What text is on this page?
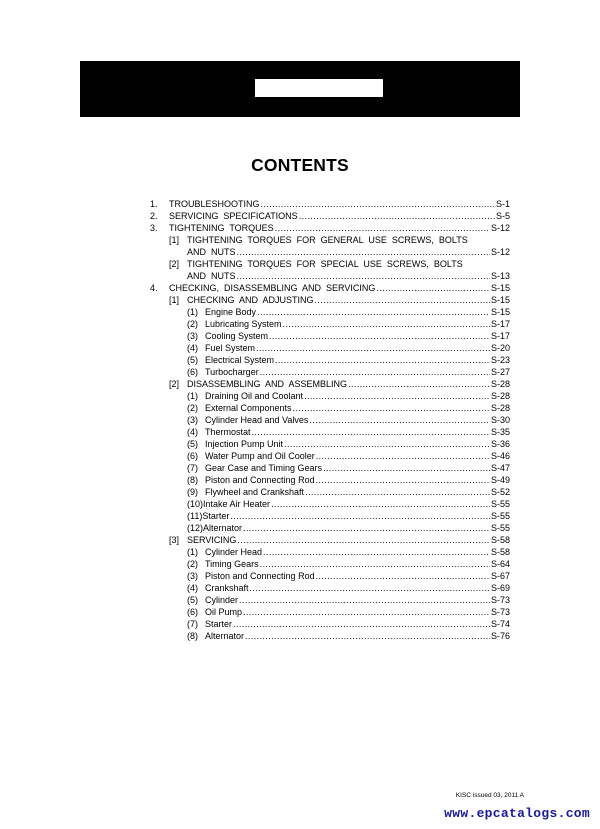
CONTENTS
1.	TROUBLESHOOTING .....	S-1
2.	SERVICING  SPECIFICATIONS .....	S-5
3.	TIGHTENING  TORQUES .....	S-12
[1] TIGHTENING  TORQUES  FOR  GENERAL  USE  SCREWS,  BOLTS
AND  NUTS .....	S-12
[2] TIGHTENING  TORQUES  FOR  SPECIAL  USE  SCREWS,  BOLTS
AND  NUTS .....	S-13
4.	CHECKING,  DISASSEMBLING  AND  SERVICING .....	S-15
[1] CHECKING  AND  ADJUSTING .....	S-15
(1) Engine Body .....	S-15
(2) Lubricating System .....	S-17
(3) Cooling System .....	S-17
(4) Fuel System .....	S-20
(5) Electrical System .....	S-23
(6) Turbocharger .....	S-27
[2] DISASSEMBLING  AND  ASSEMBLING .....	S-28
(1) Draining Oil and Coolant .....	S-28
(2) External Components .....	S-28
(3) Cylinder Head and Valves .....	S-30
(4) Thermostat .....	S-35
(5) Injection Pump Unit .....	S-36
(6) Water Pump and Oil Cooler .....	S-46
(7) Gear Case and Timing Gears .....	S-47
(8) Piston and Connecting Rod .....	S-49
(9) Flywheel and Crankshaft .....	S-52
(10) Intake Air Heater .....	S-55
(11) Starter .....	S-55
(12) Alternator .....	S-55
[3] SERVICING .....	S-58
(1) Cylinder Head .....	S-58
(2) Timing Gears .....	S-64
(3) Piston and Connecting Rod .....	S-67
(4) Crankshaft .....	S-69
(5) Cylinder .....	S-73
(6) Oil Pump .....	S-73
(7) Starter .....	S-74
(8) Alternator .....	S-76
KISC issued 03, 2011 A
www.epcatalogs.com
